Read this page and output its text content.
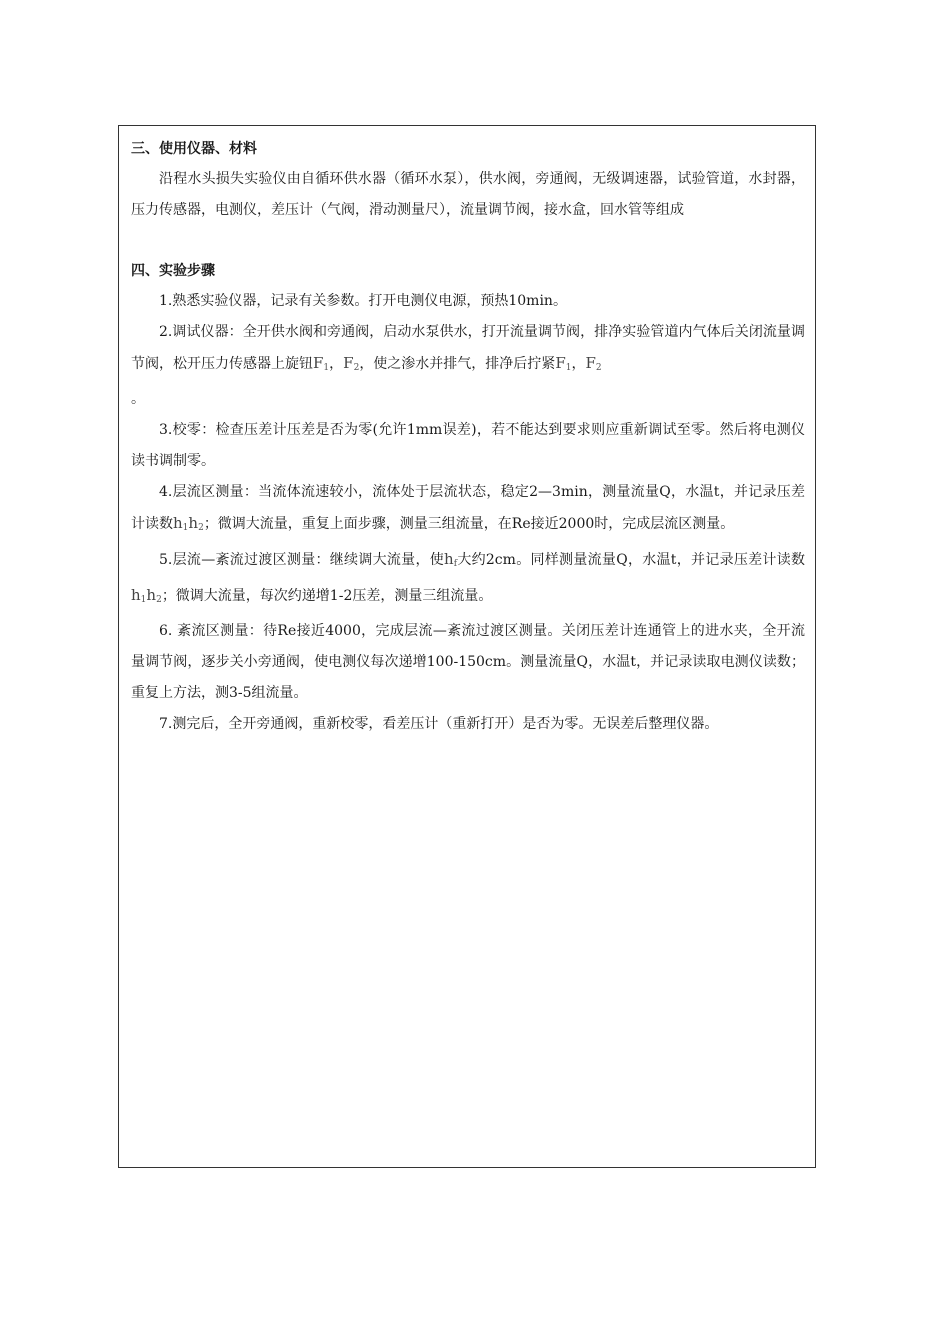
三、使用仪器、材料

沿程水头损失实验仪由自循环供水器（循环水泵），供水阀，旁通阀，无级调速器，试验管道，水封器，压力传感器，电测仪，差压计（气阀，滑动测量尺），流量调节阀，接水盒，回水管等组成

四、实验步骤

1.熟悉实验仪器，记录有关参数。打开电测仪电源，预热10min。

2.调试仪器：全开供水阀和旁通阀，启动水泵供水，打开流量调节阀，排净实验管道内气体后关闭流量调节阀，松开压力传感器上旋钮$F_1$，$F_2$，使之渗水并排气，排净后拧紧$F_1$，$F_2$
。

3.校零：检查压差计压差是否为零(允许1mm误差)，若不能达到要求则应重新调试至零。然后将电测仪读书调制零。

4.层流区测量：当流体流速较小，流体处于层流状态，稳定2—3min，测量流量Q，水温t，并记录压差计读数$h_1h_2$；微调大流量，重复上面步骤，测量三组流量，在Re接近2000时，完成层流区测量。

5.层流—紊流过渡区测量：继续调大流量，使$h_f$大约2cm。同样测量流量Q，水温t，并记录压差计读数$h_1h_2$；微调大流量，每次约递增1-2压差，测量三组流量。

6. 紊流区测量：待Re接近4000，完成层流—紊流过渡区测量。关闭压差计连通管上的进水夹，全开流量调节阀，逐步关小旁通阀，使电测仪每次递增100-150cm。测量流量Q，水温t，并记录读取电测仪读数；重复上方法，测3-5组流量。

7.测完后，全开旁通阀，重新校零，看差压计（重新打开）是否为零。无误差后整理仪器。
